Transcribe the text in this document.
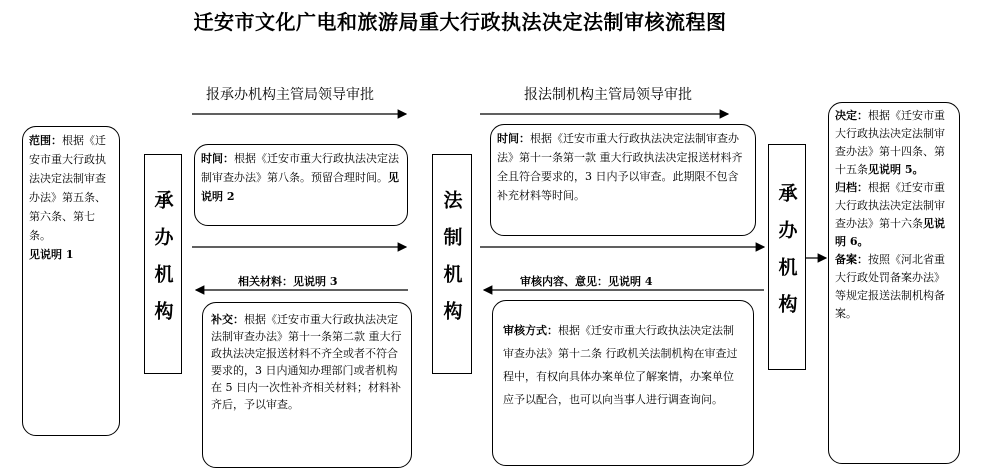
迁安市文化广电和旅游局重大行政执法决定法制审核流程图
报承办机构主管局领导审批	报法制机构主管局领导审批
相关材料：见说明 3	审核内容、意见：见说明 4
范围：根据《迁安市重大行政执法决定法制审查办法》第五条、第六条、第七条。
见说明 1	承办机构
时间：根据《迁安市重大行政执法决定法制审查办法》第八条。预留合理时间。见说明 2
补交：根据《迁安市重大行政执法决定法制审查办法》第十一条第二款 重大行政执法决定报送材料不齐全或者不符合要求的，3 日内通知办理部门或者机构在 5 日内一次性补齐相关材料；材料补齐后，予以审查。
法制机构
时间：根据《迁安市重大行政执法决定法制审查办法》第十一条第一款 重大行政执法决定报送材料齐全且符合要求的，3 日内予以审查。此期限不包含补充材料等时间。
审核方式：根据《迁安市重大行政执法决定法制审查办法》第十二条 行政机关法制机构在审查过程中，有权向具体办案单位了解案情，办案单位应予以配合，也可以向当事人进行调查询问。
承办机构
决定：根据《迁安市重大行政执法决定法制审查办法》第十四条、第十五条见说明 5。
归档：根据《迁安市重大行政执法决定法制审查办法》第十六条见说明 6。
备案：按照《河北省重大行政处罚备案办法》等规定报送法制机构备案。
